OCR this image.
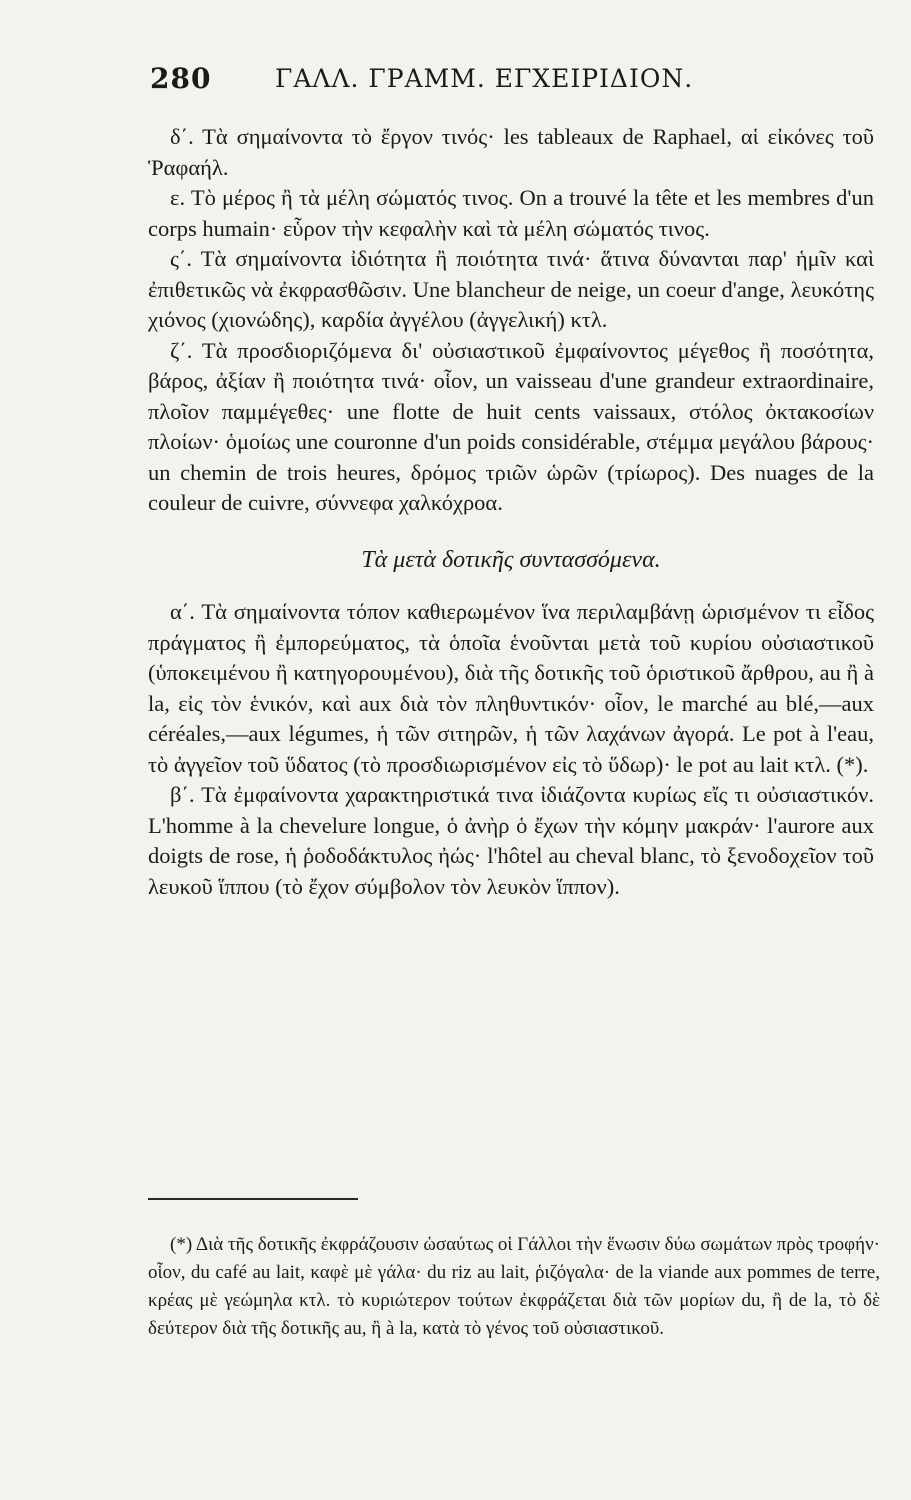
280	ΓΑΛΛ. ΓΡΑΜΜ. ΕΓΧΕΙΡΙΔΙΟΝ.

δ΄. Τὰ σημαίνοντα τὸ ἔργον τινός· les tableaux de Raphael, αἱ εἰκόνες τοῦ Ῥαφαήλ.

ε. Τὸ μέρος ἢ τὰ μέλη σώματός τινος. On a trouvé la tête et les membres d'un corps humain· εὗρον τὴν κεφαλὴν καὶ τὰ μέλη σώματός τινος.

ς΄. Τὰ σημαίνοντα ἰδιότητα ἢ ποιότητα τινά· ἅτινα δύνανται παρ' ἡμῖν καὶ ἐπιθετικῶς νὰ ἐκφρασθῶσιν. Une blancheur de neige, un coeur d'ange, λευκότης χιόνος (χιονώδης), καρδία ἀγγέλου (ἀγγελική) κτλ.

ζ΄. Τὰ προσδιοριζόμενα δι' οὐσιαστικοῦ ἐμφαίνοντος μέγεθος ἢ ποσότητα, βάρος, ἀξίαν ἢ ποιότητα τινά· οἷον, un vaisseau d'une grandeur extraordinaire, πλοῖον παμμέγεθες· une flotte de huit cents vaissaux, στόλος ὀκτακοσίων πλοίων· ὁμοίως une couronne d'un poids considérable, στέμμα μεγάλου βάρους· un chemin de trois heures, δρόμος τριῶν ὡρῶν (τρίωρος). Des nuages de la couleur de cuivre, σύννεφα χαλκόχροα.

Τὰ μετὰ δοτικῆς συντασσόμενα.

α΄. Τὰ σημαίνοντα τόπον καθιερωμένον ἵνα περιλαμβάνῃ ὡρισμένον τι εἶδος πράγματος ἢ ἐμπορεύματος, τὰ ὁποῖα ἑνοῦνται μετὰ τοῦ κυρίου οὐσιαστικοῦ (ὑποκειμένου ἢ κατηγορουμένου), διὰ τῆς δοτικῆς τοῦ ὁριστικοῦ ἄρθρου, au ἢ à la, εἰς τὸν ἑνικόν, καὶ aux διὰ τὸν πληθυντικόν· οἷον, le marché au blé,—aux céréales,—aux légumes, ἡ τῶν σιτηρῶν, ἡ τῶν λαχάνων ἀγορά. Le pot à l'eau, τὸ ἀγγεῖον τοῦ ὕδατος (τὸ προσδιωρισμένον εἰς τὸ ὕδωρ)· le pot au lait κτλ. (*).

β΄. Τὰ ἐμφαίνοντα χαρακτηριστικά τινα ἰδιάζοντα κυρίως εἴς τι οὐσιαστικόν. L'homme à la chevelure longue, ὁ ἀνὴρ ὁ ἔχων τὴν κόμην μακράν· l'aurore aux doigts de rose, ἡ ῥοδοδάκτυλος ἠώς· l'hôtel au cheval blanc, τὸ ξενοδοχεῖον τοῦ λευκοῦ ἵππου (τὸ ἔχον σύμβολον τὸν λευκὸν ἵππον).

(*) Διὰ τῆς δοτικῆς ἐκφράζουσιν ὡσαύτως οἱ Γάλλοι τὴν ἕνωσιν δύω σωμάτων πρὸς τροφήν· οἷον, du café au lait, καφὲ μὲ γάλα· du riz au lait, ῥιζόγαλα· de la viande aux pommes de terre, κρέας μὲ γεώμηλα κτλ. τὸ κυριώτερον τούτων ἐκφράζεται διὰ τῶν μορίων du, ἢ de la, τὸ δὲ δεύτερον διὰ τῆς δοτικῆς au, ἢ à la, κατὰ τὸ γένος τοῦ οὐσιαστικοῦ.
